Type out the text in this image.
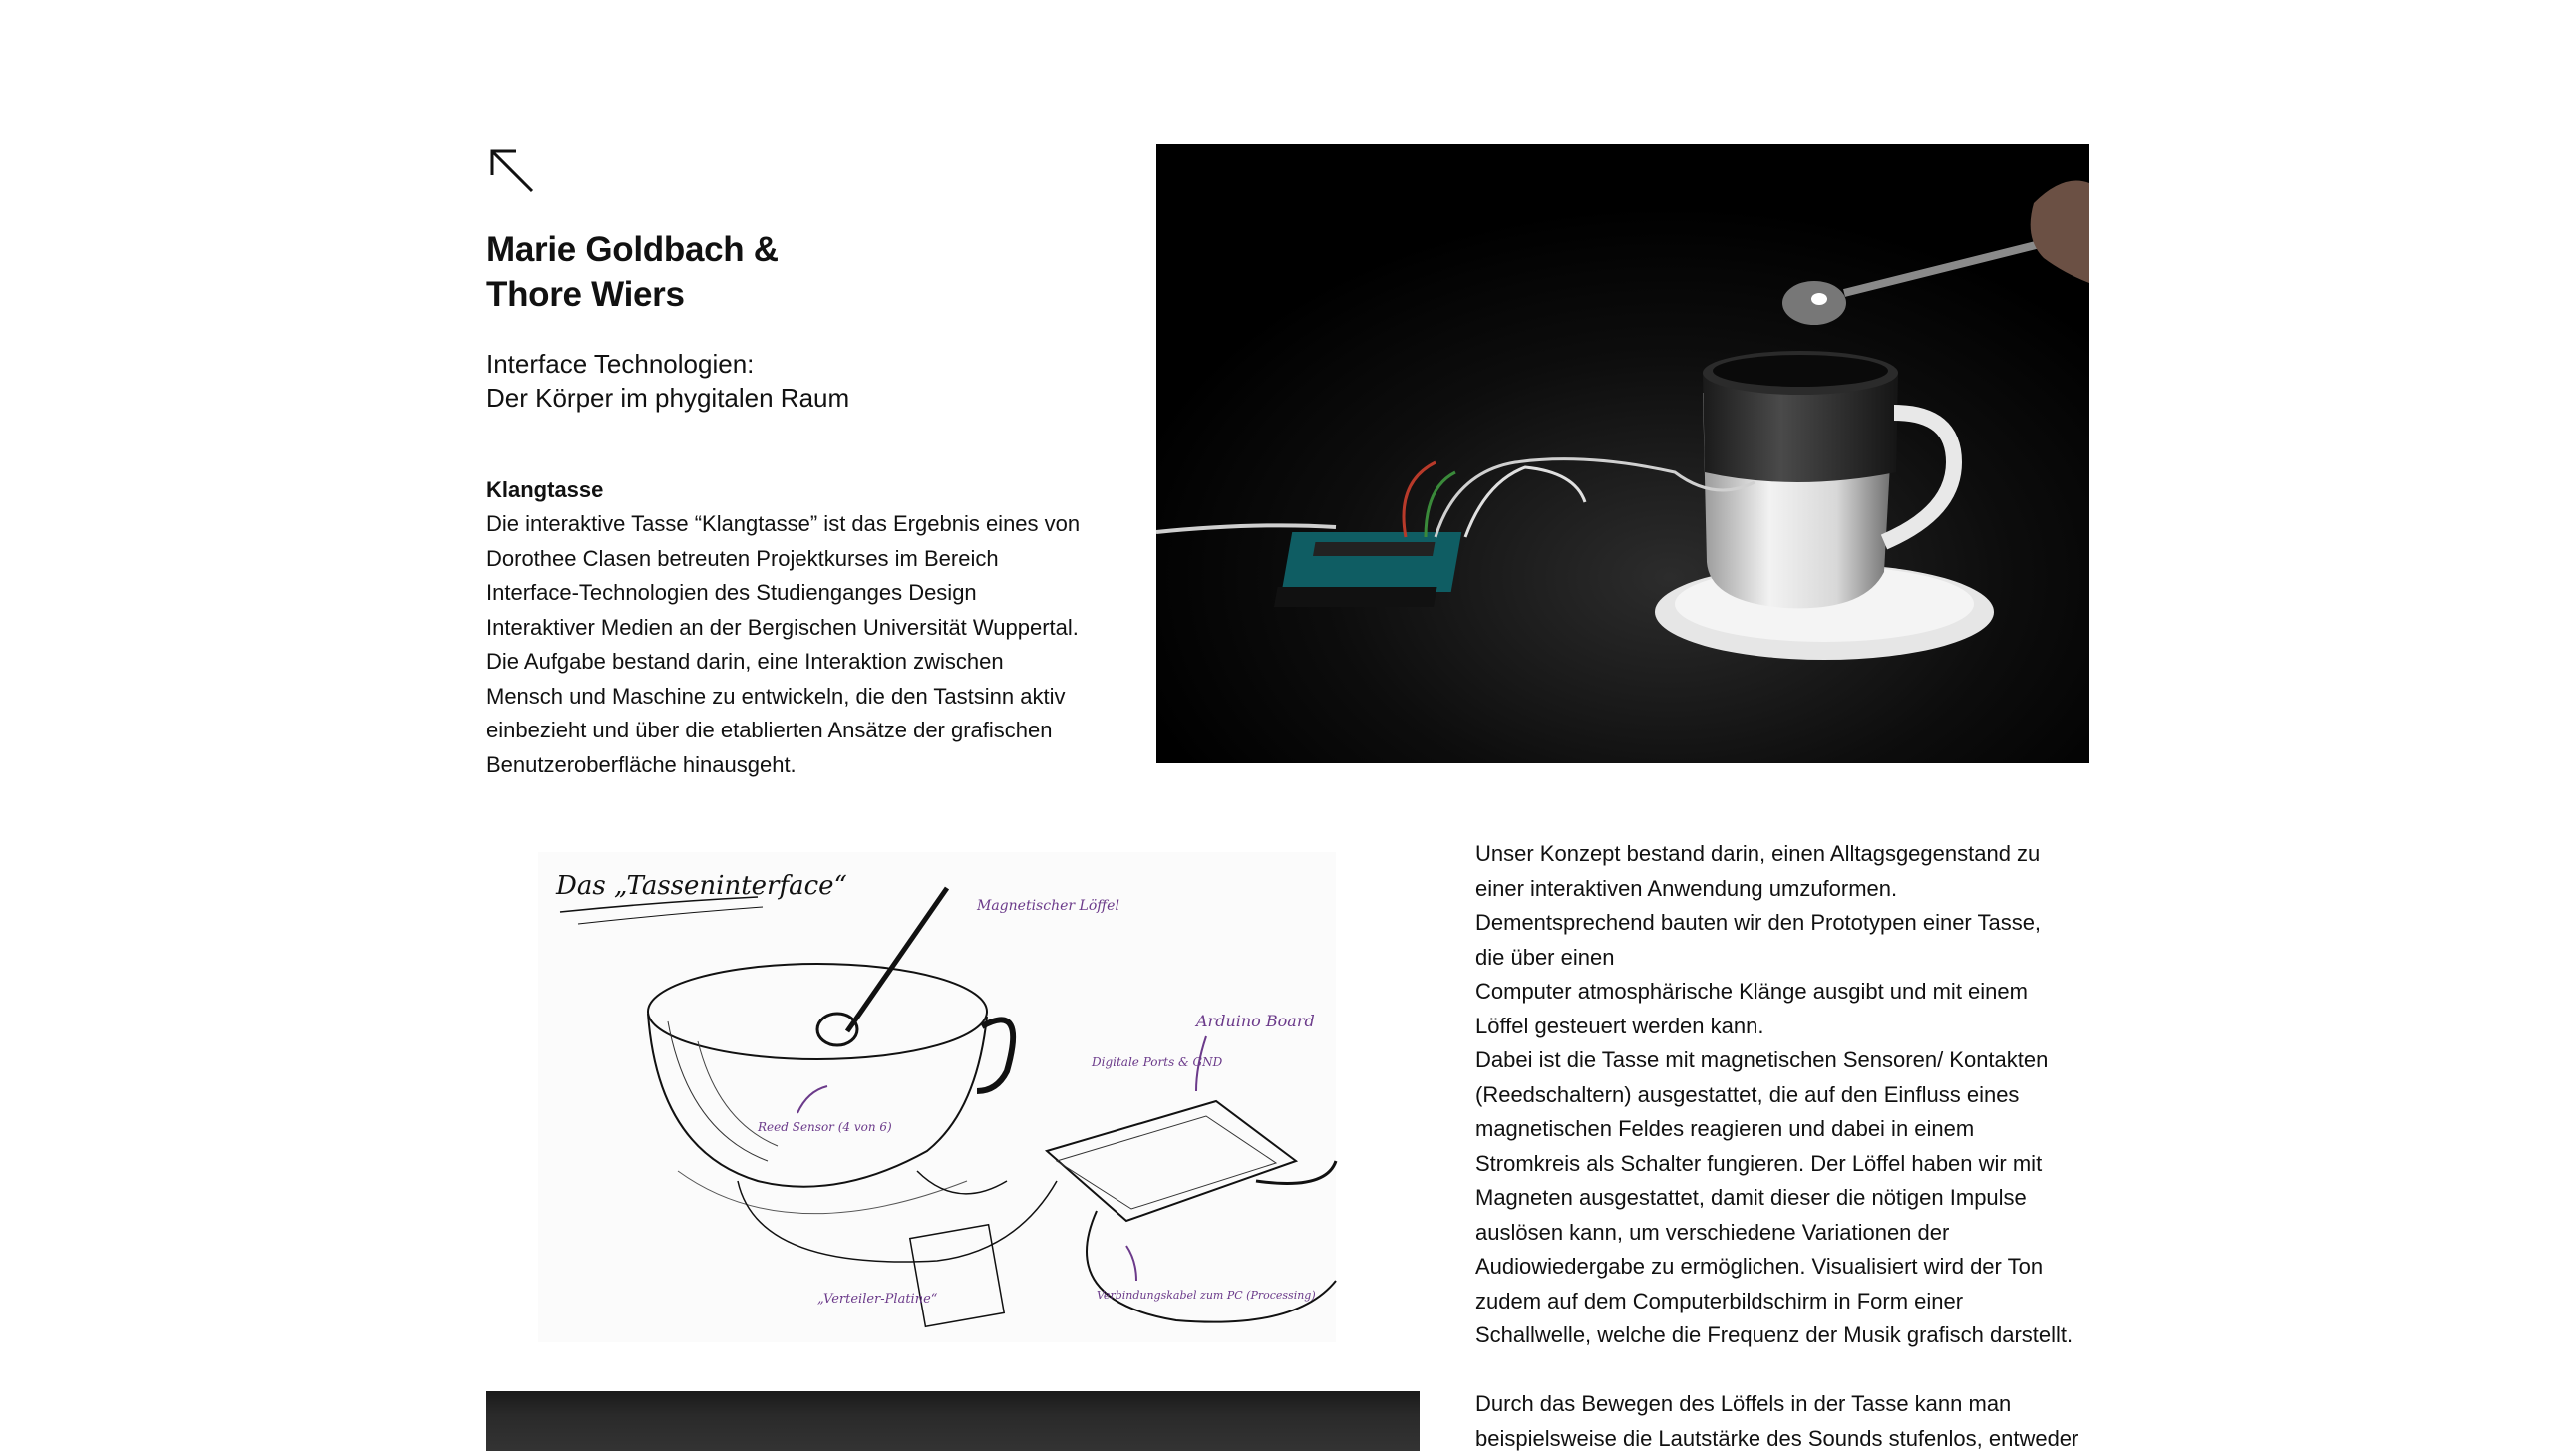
Marie Goldbach &
Thore Wiers

Interface Technologien:
Der Körper im phygitalen Raum

Klangtasse

Die interaktive Tasse “Klangtasse” ist das Ergebnis eines von
Dorothee Clasen betreuten Projektkurses im Bereich
Interface-Technologien des Studienganges Design
Interaktiver Medien an der Bergischen Universität Wuppertal.
Die Aufgabe bestand darin, eine Interaktion zwischen
Mensch und Maschine zu entwickeln, die den Tastsinn aktiv
einbezieht und über die etablierten Ansätze der grafischen
Benutzeroberfläche hinausgeht.

Das „Tasseninterface“
Magnetischer Löffel
Arduino Board
Digitale Ports & GND
Reed Sensor (4 von 6)
„Verteiler-Platine“	Verbindungskabel zum PC (Processing)

Unser Konzept bestand darin, einen Alltagsgegenstand zu
einer interaktiven Anwendung umzuformen.
Dementsprechend bauten wir den Prototypen einer Tasse,
die über einen
Computer atmosphärische Klänge ausgibt und mit einem
Löffel gesteuert werden kann.
Dabei ist die Tasse mit magnetischen Sensoren/ Kontakten
(Reedschaltern) ausgestattet, die auf den Einfluss eines
magnetischen Feldes reagieren und dabei in einem
Stromkreis als Schalter fungieren. Der Löffel haben wir mit
Magneten ausgestattet, damit dieser die nötigen Impulse
auslösen kann, um verschiedene Variationen der
Audiowiedergabe zu ermöglichen. Visualisiert wird der Ton
zudem auf dem Computerbildschirm in Form einer
Schallwelle, welche die Frequenz der Musik grafisch darstellt.
Durch das Bewegen des Löffels in der Tasse kann man
beispielsweise die Lautstärke des Sounds stufenlos, entweder
